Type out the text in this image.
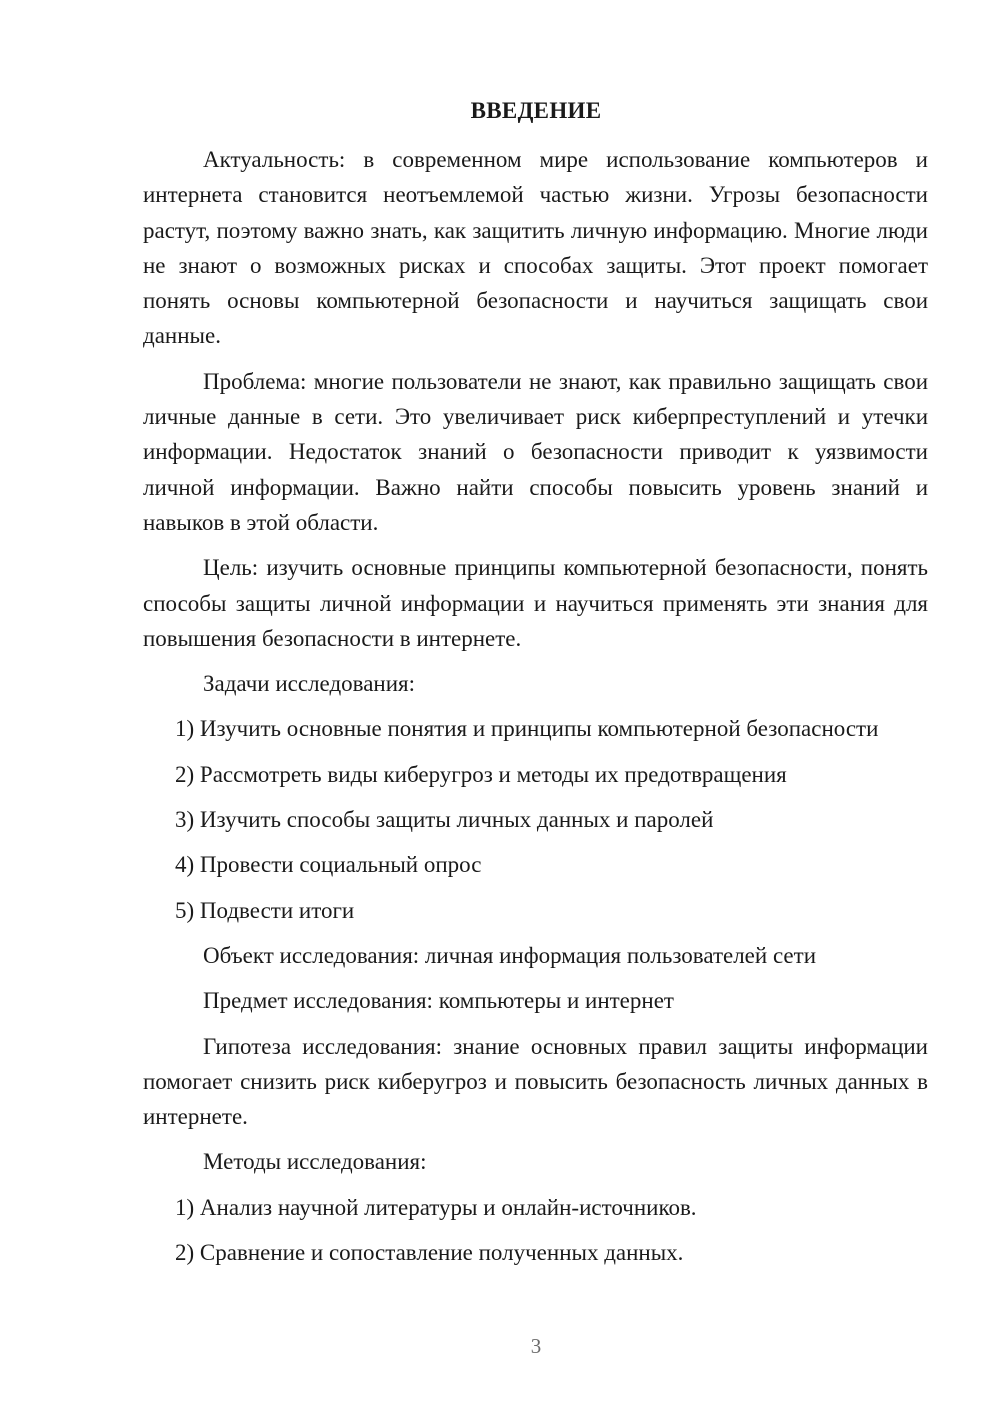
ВВЕДЕНИЕ

Актуальность: в современном мире использование компьютеров и интернета становится неотъемлемой частью жизни. Угрозы безопасности растут, поэтому важно знать, как защитить личную информацию. Многие люди не знают о возможных рисках и способах защиты. Этот проект помогает понять основы компьютерной безопасности и научиться защищать свои данные.

Проблема: многие пользователи не знают, как правильно защищать свои личные данные в сети. Это увеличивает риск киберпреступлений и утечки информации. Недостаток знаний о безопасности приводит к уязвимости личной информации. Важно найти способы повысить уровень знаний и навыков в этой области.

Цель: изучить основные принципы компьютерной безопасности, понять способы защиты личной информации и научиться применять эти знания для повышения безопасности в интернете.

Задачи исследования:

1) Изучить основные понятия и принципы компьютерной безопасности

2) Рассмотреть виды киберугроз и методы их предотвращения

3) Изучить способы защиты личных данных и паролей

4) Провести социальный опрос

5) Подвести итоги

Объект исследования: личная информация пользователей сети

Предмет исследования: компьютеры и интернет

Гипотеза исследования: знание основных правил защиты информации помогает снизить риск киберугроз и повысить безопасность личных данных в интернете.

Методы исследования:

1) Анализ научной литературы и онлайн-источников.

2) Сравнение и сопоставление полученных данных.

3
